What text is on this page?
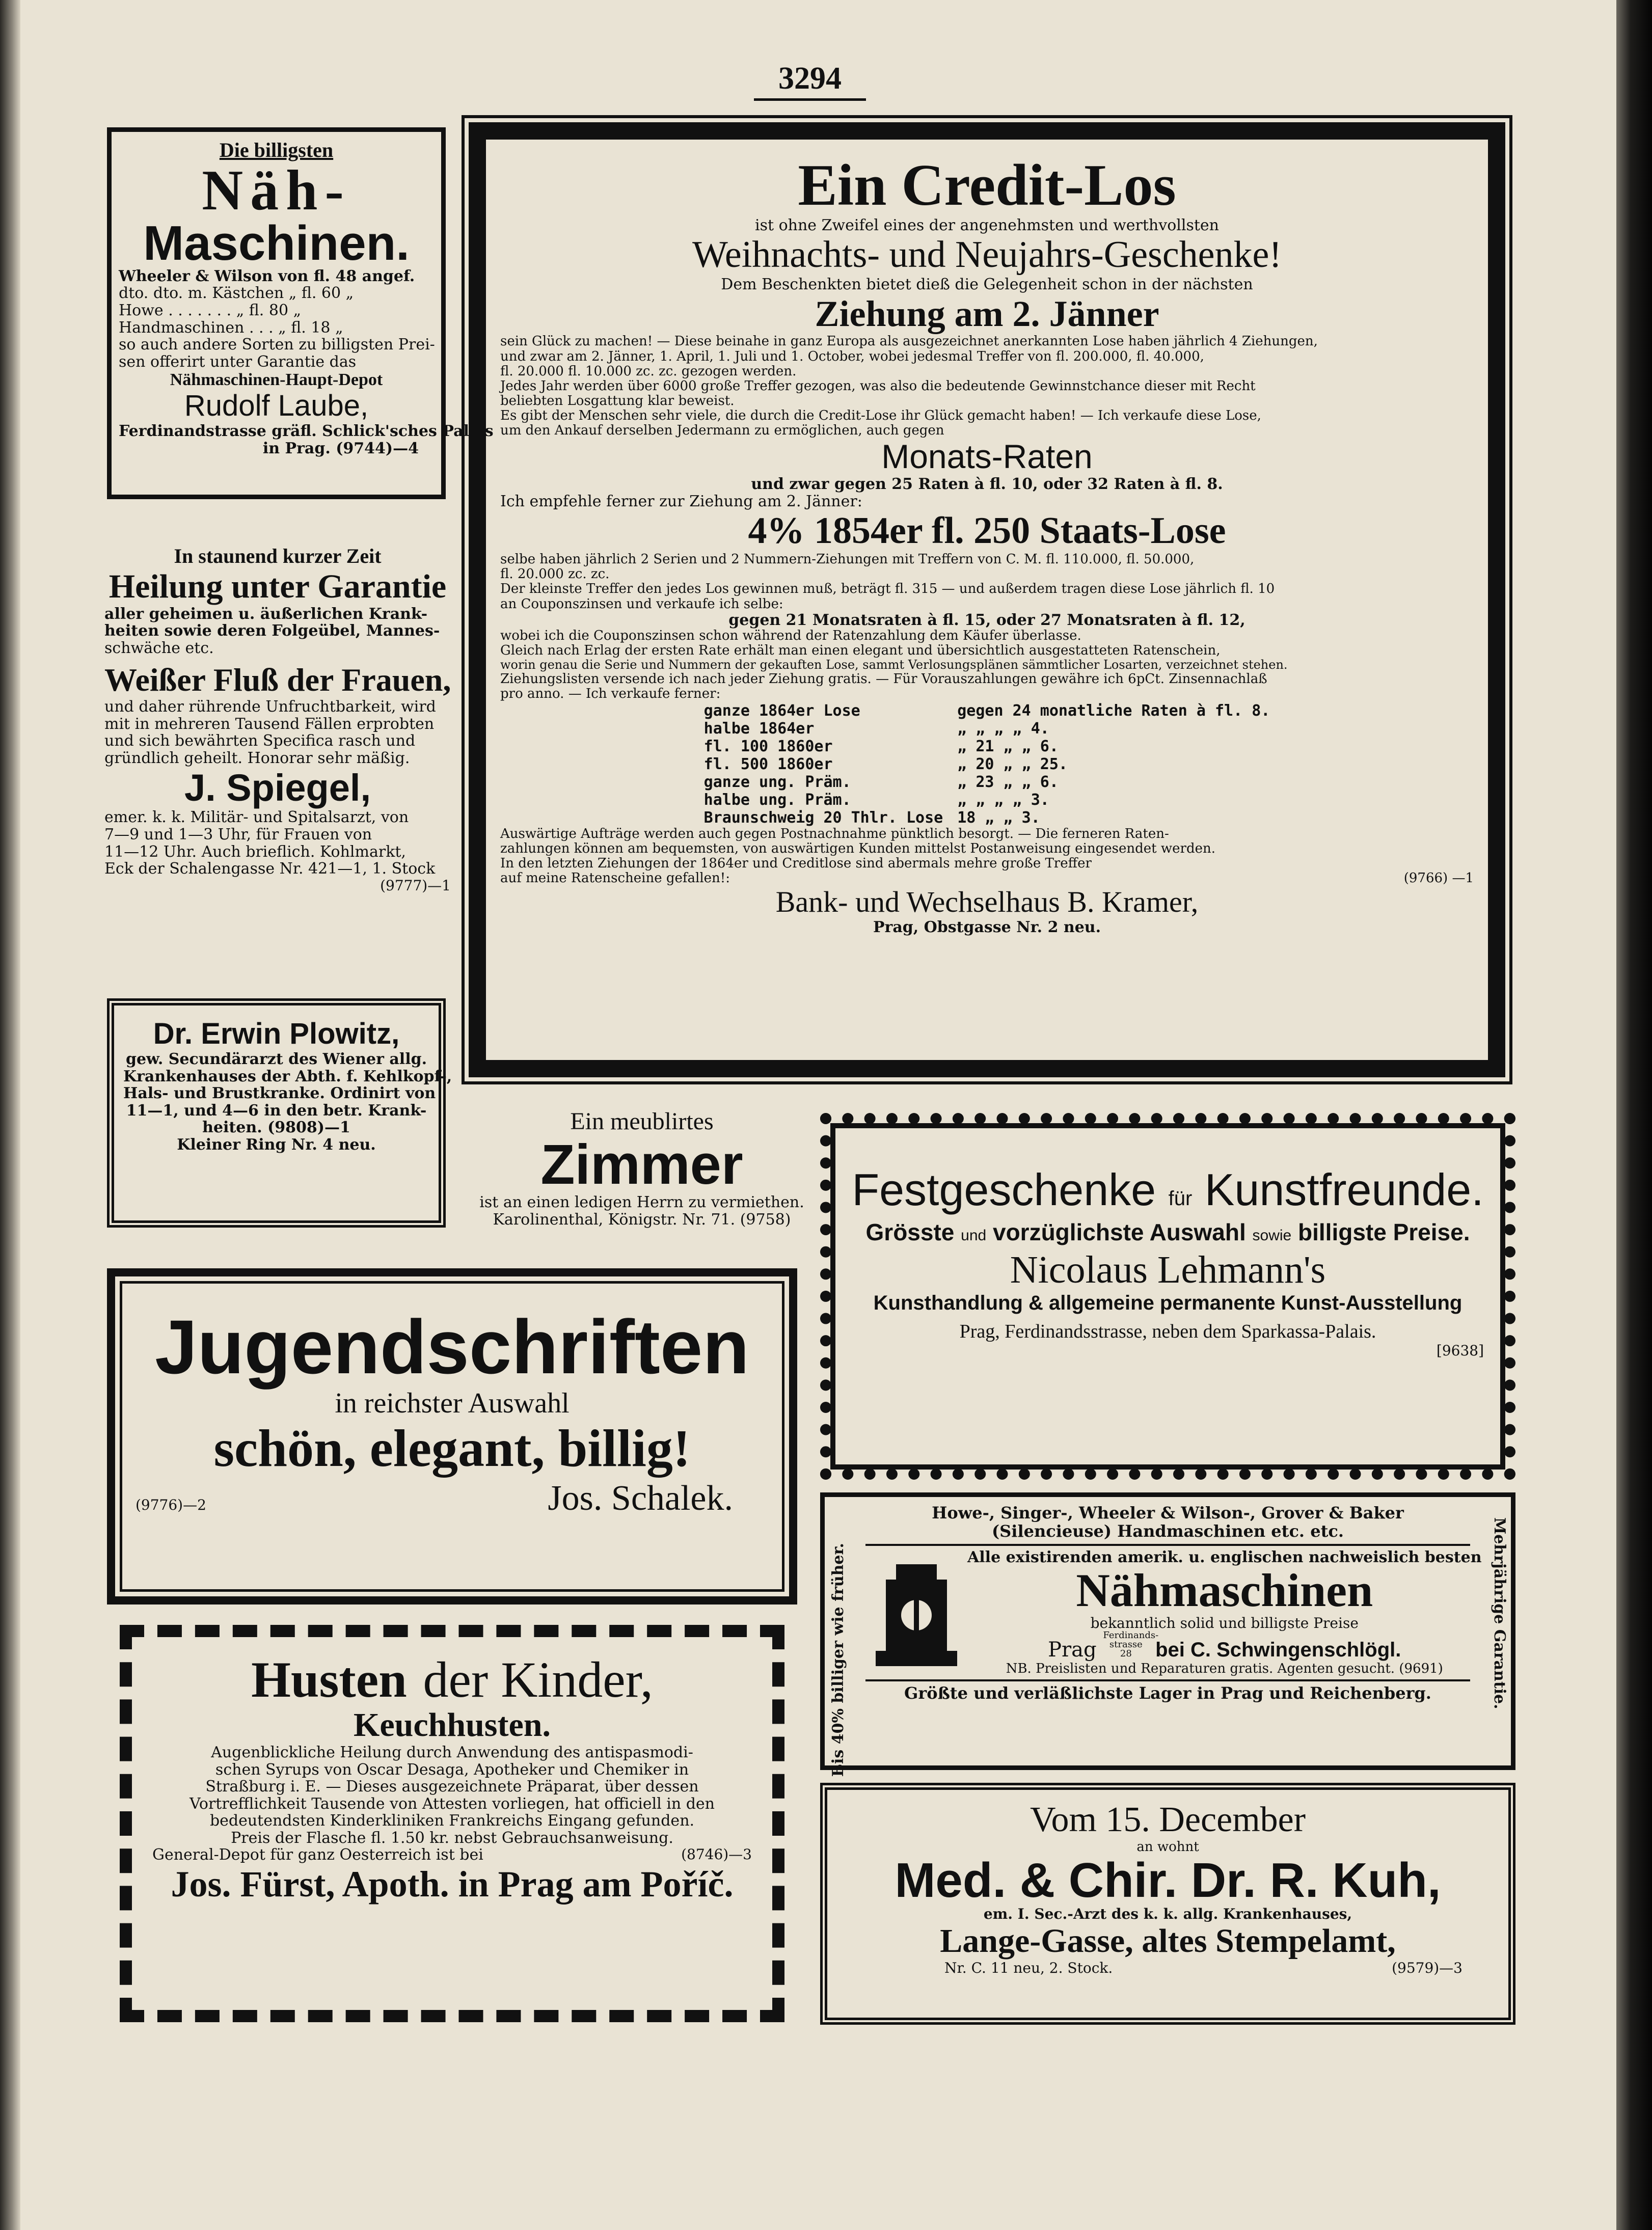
3294
Die billigsten
Näh-
Maschinen.
Wheeler & Wilson von fl. 48 angef.
dto. dto. m. Kästchen „ fl. 60 „
Howe . . . . . . . „ fl. 80 „
Handmaschinen . . . „ fl. 18 „
so auch andere Sorten zu billigsten Prei-
sen offerirt unter Garantie das
Nähmaschinen-Haupt-Depot
Rudolf Laube,
Ferdinandstrasse gräfl. Schlick'sches Palais
in Prag. (9744)—4
In staunend kurzer Zeit
Heilung unter Garantie
aller geheimen u. äußerlichen Krank-
heiten sowie deren Folgeübel, Mannes-
schwäche etc.
Weißer Fluß der Frauen,
und daher rührende Unfruchtbarkeit, wird
mit in mehreren Tausend Fällen erprobten
und sich bewährten Specifica rasch und
gründlich geheilt. Honorar sehr mäßig.
J. Spiegel,
emer. k. k. Militär- und Spitalsarzt, von
7—9 und 1—3 Uhr, für Frauen von
11—12 Uhr. Auch brieflich. Kohlmarkt,
Eck der Schalengasse Nr. 421—1, 1. Stock
(9777)—1
Dr. Erwin Plowitz,
gew. Secundärarzt des Wiener allg.
Krankenhauses der Abth. f. Kehlkopf-,
Hals- und Brustkranke. Ordinirt von
11—1, und 4—6 in den betr. Krank-
heiten. (9808)—1
Kleiner Ring Nr. 4 neu.
Ein Credit-Los
ist ohne Zweifel eines der angenehmsten und werthvollsten
Weihnachts- und Neujahrs-Geschenke!
Dem Beschenkten bietet dieß die Gelegenheit schon in der nächsten
Ziehung am 2. Jänner
sein Glück zu machen! — Diese beinahe in ganz Europa als ausgezeichnet anerkannten Lose haben jährlich 4 Ziehungen,
und zwar am 2. Jänner, 1. April, 1. Juli und 1. October, wobei jedesmal Treffer von fl. 200.000, fl. 40.000,
fl. 20.000 fl. 10.000 zc. zc. gezogen werden.
Jedes Jahr werden über 6000 große Treffer gezogen, was also die bedeutende Gewinnstchance dieser mit Recht
beliebten Losgattung klar beweist.
Es gibt der Menschen sehr viele, die durch die Credit-Lose ihr Glück gemacht haben! — Ich verkaufe diese Lose,
um den Ankauf derselben Jedermann zu ermöglichen, auch gegen
Monats-Raten
und zwar gegen 25 Raten à fl. 10, oder 32 Raten à fl. 8.
Ich empfehle ferner zur Ziehung am 2. Jänner:
4% 1854er fl. 250 Staats-Lose
selbe haben jährlich 2 Serien und 2 Nummern-Ziehungen mit Treffern von C. M. fl. 110.000, fl. 50.000,
fl. 20.000 zc. zc.
Der kleinste Treffer den jedes Los gewinnen muß, beträgt fl. 315 — und außerdem tragen diese Lose jährlich fl. 10
an Couponszinsen und verkaufe ich selbe:
gegen 21 Monatsraten à fl. 15, oder 27 Monatsraten à fl. 12,
wobei ich die Couponszinsen schon während der Ratenzahlung dem Käufer überlasse.
Gleich nach Erlag der ersten Rate erhält man einen elegant und übersichtlich ausgestatteten Ratenschein,
worin genau die Serie und Nummern der gekauften Lose, sammt Verlosungsplänen sämmtlicher Losarten, verzeichnet stehen.
Ziehungslisten versende ich nach jeder Ziehung gratis. — Für Vorauszahlungen gewähre ich 6pCt. Zinsennachlaß
pro anno. — Ich verkaufe ferner:
ganze 1864er Lose	gegen 24 monatliche Raten à fl. 8.
halbe 1864er	„ „ „ „ 4.
fl. 100 1860er	„ 21 „ „ 6.
fl. 500 1860er	„ 20 „ „ 25.
ganze ung. Präm.	„ 23 „ „ 6.
halbe ung. Präm.	„ „ „ „ 3.
Braunschweig 20 Thlr. Lose	18 „ „ 3.
Auswärtige Aufträge werden auch gegen Postnachnahme pünktlich besorgt. — Die ferneren Raten-
zahlungen können am bequemsten, von auswärtigen Kunden mittelst Postanweisung eingesendet werden.
In den letzten Ziehungen der 1864er und Creditlose sind abermals mehre große Treffer
auf meine Ratenscheine gefallen!:	(9766) —1
Bank- und Wechselhaus B. Kramer,
Prag, Obstgasse Nr. 2 neu.
Ein meublirtes
Zimmer
ist an einen ledigen Herrn zu vermiethen.
Karolinenthal, Königstr. Nr. 71. (9758)
Festgeschenke für Kunstfreunde.
Grösste und vorzüglichste Auswahl sowie billigste Preise.
Nicolaus Lehmann's
Kunsthandlung & allgemeine permanente Kunst-Ausstellung
Prag, Ferdinandsstrasse, neben dem Sparkassa-Palais.
[9638]
Jugendschriften
in reichster Auswahl
schön, elegant, billig!
(9776)—2	Jos. Schalek.
Bis 40% billiger wie früher.	Mehrjährige Garantie.
Howe-, Singer-, Wheeler & Wilson-, Grover & Baker
(Silencieuse) Handmaschinen etc. etc.
Alle existirenden amerik. u. englischen nachweislich besten
Nähmaschinen
bekanntlich solid und billigste Preise
Prag Ferdinands-strasse 28 bei C. Schwingenschlögl.
NB. Preislisten und Reparaturen gratis. Agenten gesucht. (9691)
Größte und verläßlichste Lager in Prag und Reichenberg.
Husten der Kinder,
Keuchhusten.
Augenblickliche Heilung durch Anwendung des antispasmodi-
schen Syrups von Oscar Desaga, Apotheker und Chemiker in
Straßburg i. E. — Dieses ausgezeichnete Präparat, über dessen
Vortrefflichkeit Tausende von Attesten vorliegen, hat officiell in den
bedeutendsten Kinderkliniken Frankreichs Eingang gefunden.
Preis der Flasche fl. 1.50 kr. nebst Gebrauchsanweisung.
General-Depot für ganz Oesterreich ist bei	(8746)—3
Jos. Fürst, Apoth. in Prag am Poříč.
Vom 15. December
an wohnt
Med. & Chir. Dr. R. Kuh,
em. I. Sec.-Arzt des k. k. allg. Krankenhauses,
Lange-Gasse, altes Stempelamt,
Nr. C. 11 neu, 2. Stock.	(9579)—3
